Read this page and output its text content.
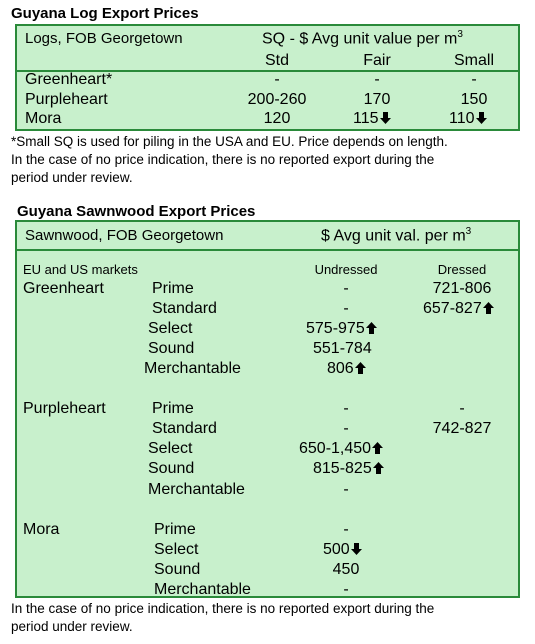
Guyana Log Export Prices
Logs, FOB Georgetown	SQ - $ Avg unit value per $m^3$
Std	Fair	Small
Greenheart*	-	-	-
Purpleheart	200-260	170	150
Mora	120	115	110
*Small SQ is used for piling in the USA and EU. Price depends on length.
In the case of no price indication, there is no reported export during the
period under review.
Guyana Sawnwood Export Prices
Sawnwood, FOB Georgetown	$ Avg unit val. per $m^3$
EU and US markets	Undressed	Dressed
Greenheart	Prime	-	721-806
Standard	-	657-827
Select	575-975
Sound	551-784
Merchantable	806
Purpleheart	Prime	-	-
Standard	-	742-827
Select	650-1,450
Sound	815-825
Merchantable	-
Mora	Prime	-
Select	500
Sound	450
Merchantable	-
In the case of no price indication, there is no reported export during the
period under review.
